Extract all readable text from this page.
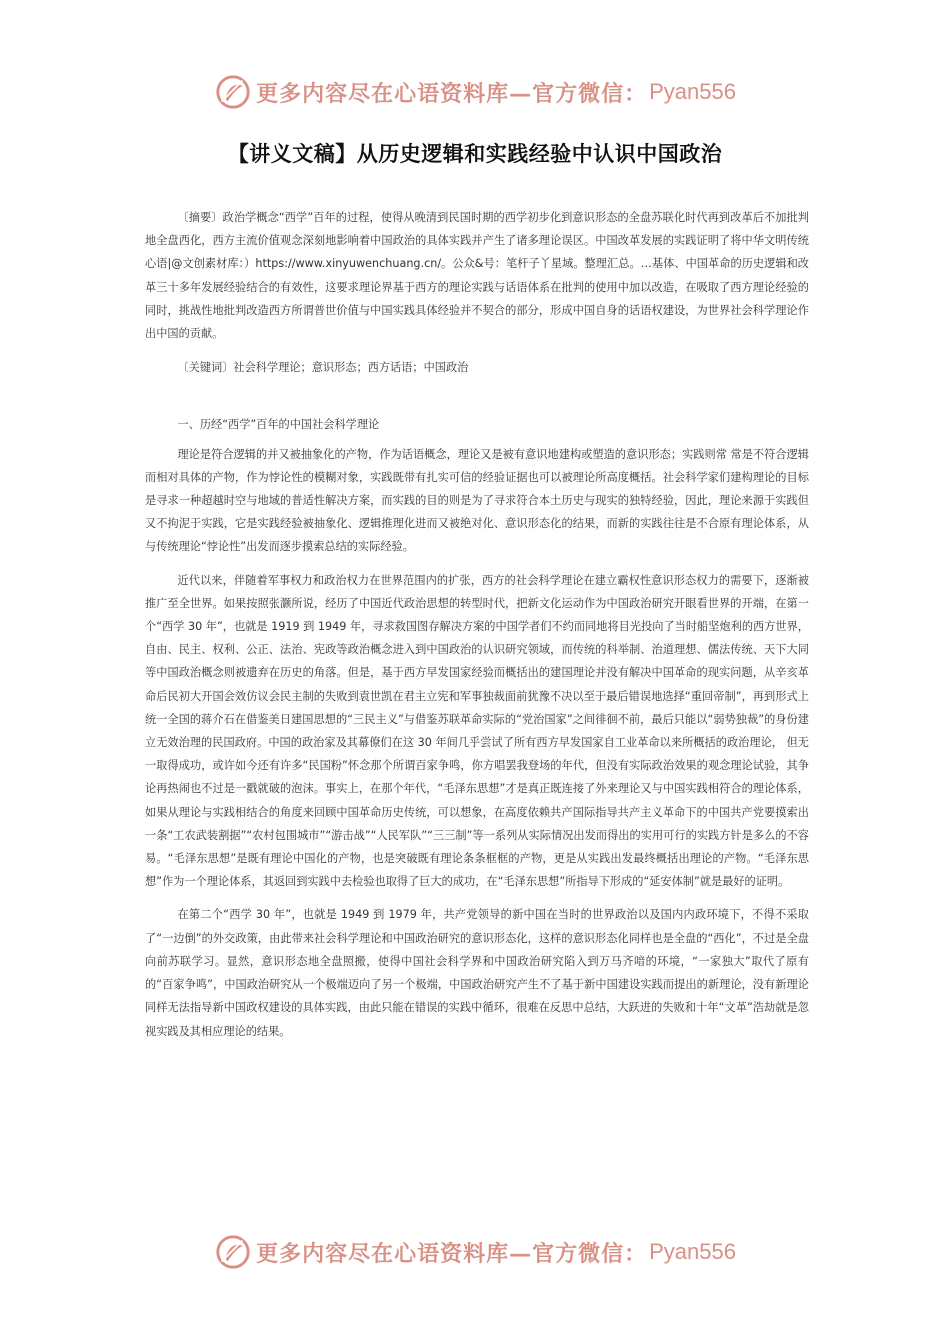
更多内容尽在心语资料库—官方微信： Pyan556
【讲义文稿】从历史逻辑和实践经验中认识中国政治

〔摘要〕政治学概念“西学”百年的过程，使得从晚清到民国时期的西学初步化到意识形态的全盘苏联化时代再到改革后不加批判地全盘西化，西方主流价值观念深刻地影响着中国政治的具体实践并产生了诸多理论误区。中国改革发展的实践证明了将中华文明传统心语|@文创素材库：）https://www.xinyuwenchuang.cn/。公众&号：笔杆子丫星域。整理汇总。…基体、中国革命的历史逻辑和改革三十多年发展经验结合的有效性，这要求理论界基于西方的理论实践与话语体系在批判的使用中加以改造，在吸取了西方理论经验的同时，挑战性地批判改造西方所谓普世价值与中国实践具体经验并不契合的部分，形成中国自身的话语权建设，为世界社会科学理论作出中国的贡献。

〔关键词〕社会科学理论；意识形态；西方话语；中国政治

一、历经“西学”百年的中国社会科学理论

理论是符合逻辑的并又被抽象化的产物，作为话语概念，理论又是被有意识地建构或塑造的意识形态；实践则常 常是不符合逻辑而相对具体的产物，作为悖论性的模糊对象，实践既带有扎实可信的经验证据也可以被理论所高度概括。社会科学家们建构理论的目标是寻求一种超越时空与地域的普适性解决方案，而实践的目的则是为了寻求符合本土历史与现实的独特经验，因此，理论来源于实践但又不拘泥于实践，它是实践经验被抽象化、逻辑推理化进而又被绝对化、意识形态化的结果，而新的实践往往是不合原有理论体系，从与传统理论“悖论性”出发而逐步摸索总结的实际经验。

近代以来，伴随着军事权力和政治权力在世界范围内的扩张，西方的社会科学理论在建立霸权性意识形态权力的需要下，逐渐被推广至全世界。如果按照张灏所说，经历了中国近代政治思想的转型时代，把新文化运动作为中国政治研究开眼看世界的开端，在第一个“西学 30 年”，也就是 1919 到 1949 年，寻求救国图存解决方案的中国学者们不约而同地将目光投向了当时船坚炮利的西方世界，自由、民主、权利、公正、法治、宪政等政治概念进入到中国政治的认识研究领域，而传统的科举制、治道理想、儒法传统、天下大同等中国政治概念则被遗弃在历史的角落。但是，基于西方早发国家经验而概括出的建国理论并没有解决中国革命的现实问题，从辛亥革命后民初大开国会效仿议会民主制的失败到袁世凯在君主立宪和军事独裁面前犹豫不决以至于最后错误地选择“重回帝制”，再到形式上统一全国的蒋介石在借鉴美日建国思想的“三民主义”与借鉴苏联革命实际的“党治国家”之间徘徊不前，最后只能以“弱势独裁”的身份建立无效治理的民国政府。中国的政治家及其幕僚们在这 30 年间几乎尝试了所有西方早发国家自工业革命以来所概括的政治理论， 但无一取得成功，或许如今还有许多“民国粉”怀念那个所谓百家争鸣，你方唱罢我登场的年代，但没有实际政治效果的观念理论试验，其争论再热闹也不过是一戳就破的泡沫。事实上，在那个年代，“毛泽东思想”才是真正既连接了外来理论又与中国实践相符合的理论体系，如果从理论与实践相结合的角度来回顾中国革命历史传统，可以想象，在高度依赖共产国际指导共产主义革命下的中国共产党要摸索出一条“工农武装割据”“农村包围城市”“游击战”“人民军队”“三三制”等一系列从实际情况出发而得出的实用可行的实践方针是多么的不容易。“毛泽东思想”是既有理论中国化的产物，也是突破既有理论条条框框的产物，更是从实践出发最终概括出理论的产物。“毛泽东思想”作为一个理论体系，其返回到实践中去检验也取得了巨大的成功，在“毛泽东思想”所指导下形成的“延安体制”就是最好的证明。

在第二个“西学 30 年”，也就是 1949 到 1979 年，共产党领导的新中国在当时的世界政治以及国内内政环境下，不得不采取了“一边倒”的外交政策，由此带来社会科学理论和中国政治研究的意识形态化，这样的意识形态化同样也是全盘的“西化”，不过是全盘向前苏联学习。显然，意识形态地全盘照搬，使得中国社会科学界和中国政治研究陷入到万马齐喑的环境，“一家独大”取代了原有的“百家争鸣”，中国政治研究从一个极端迈向了另一个极端，中国政治研究产生不了基于新中国建设实践而提出的新理论，没有新理论同样无法指导新中国政权建设的具体实践，由此只能在错误的实践中循环，很难在反思中总结，大跃进的失败和十年“文革”浩劫就是忽视实践及其相应理论的结果。

更多内容尽在心语资料库—官方微信： Pyan556
